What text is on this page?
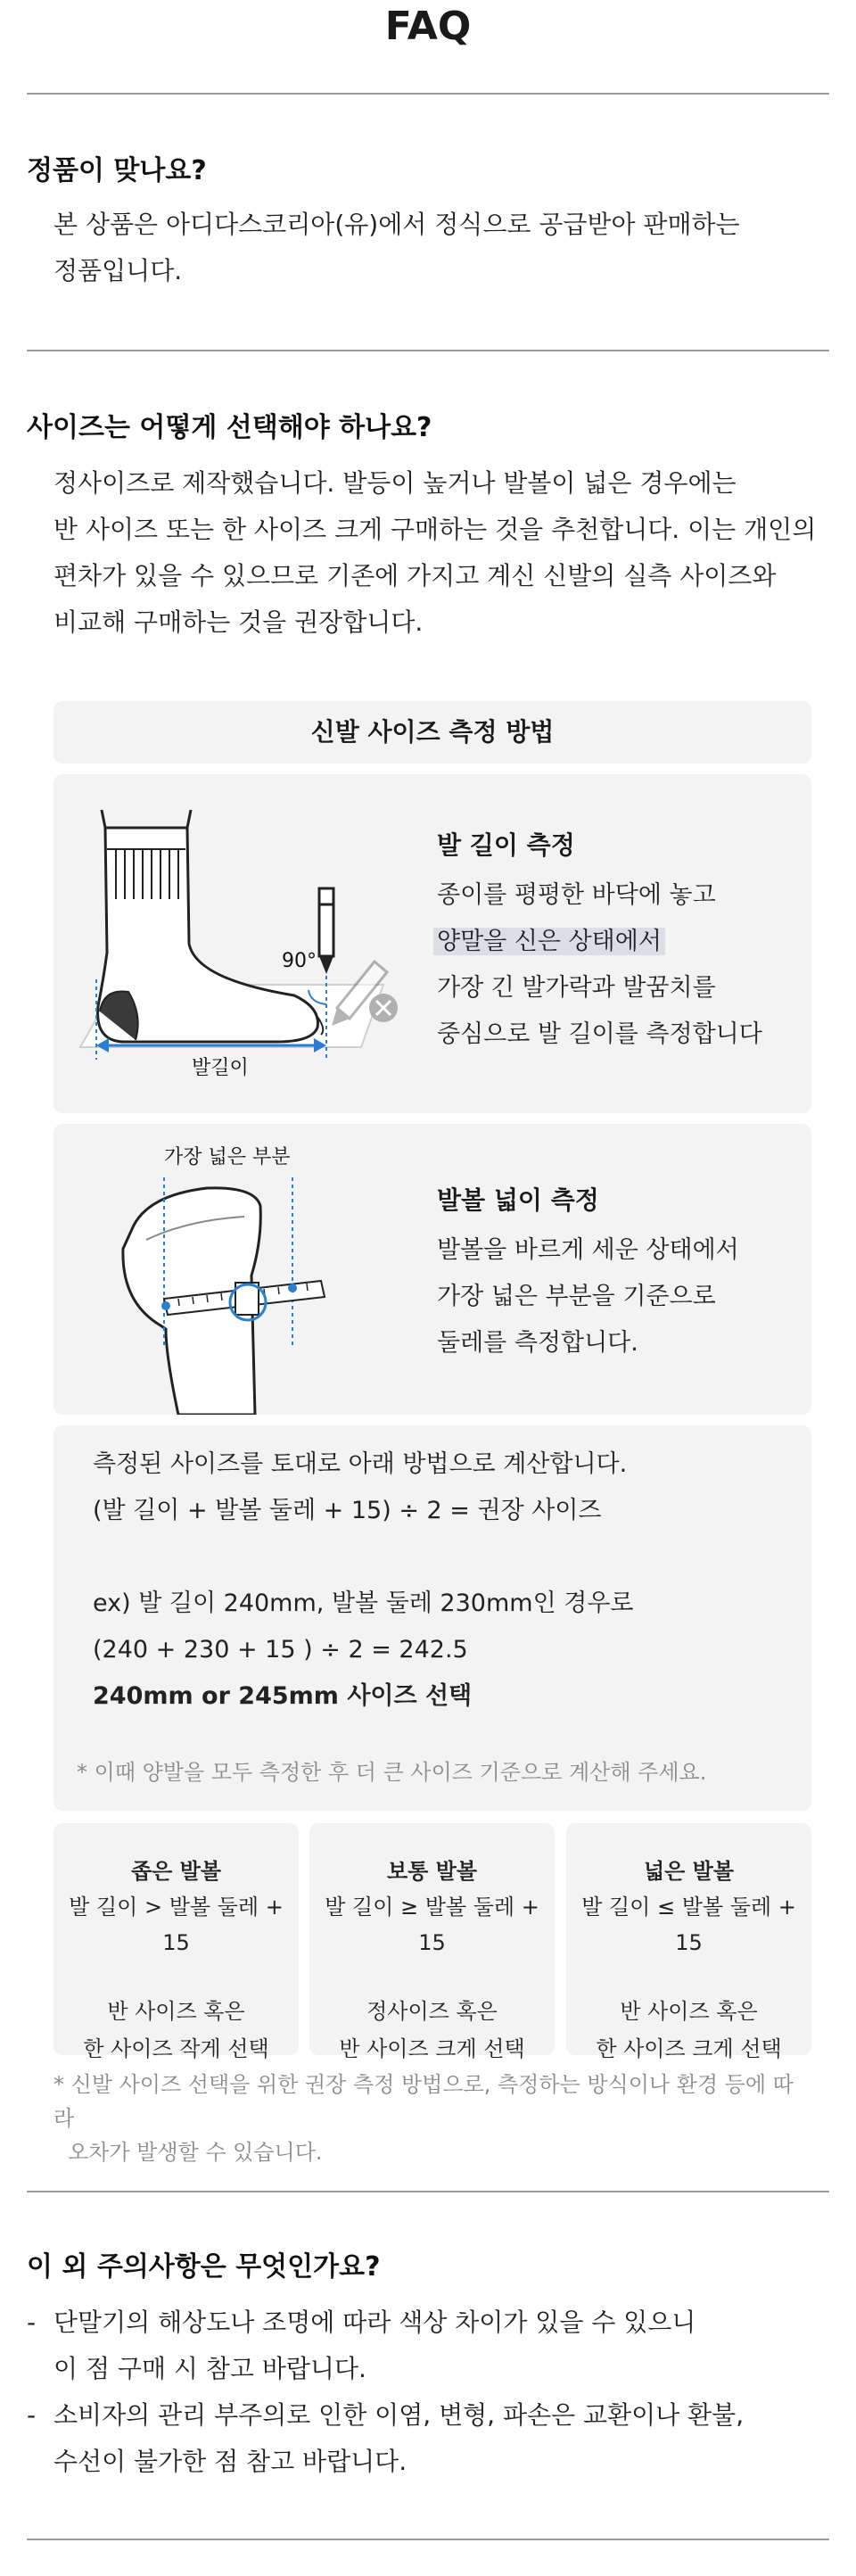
FAQ
정품이 맞나요?

본 상품은 아디다스코리아(유)에서 정식으로 공급받아 판매하는

정품입니다.

사이즈는 어떻게 선택해야 하나요?

정사이즈로 제작했습니다. 발등이 높거나 발볼이 넓은 경우에는

반 사이즈 또는 한 사이즈 크게 구매하는 것을 추천합니다. 이는 개인의

편차가 있을 수 있으므로 기존에 가지고 계신 신발의 실측 사이즈와

비교해 구매하는 것을 권장합니다.

신발 사이즈 측정 방법
90°
발길이
발 길이 측정
종이를 평평한 바닥에 놓고
양말을 신은 상태에서
가장 긴 발가락과 발꿈치를
중심으로 발 길이를 측정합니다
가장 넓은 부분
발볼 넓이 측정
발볼을 바르게 세운 상태에서
가장 넓은 부분을 기준으로
둘레를 측정합니다.
측정된 사이즈를 토대로 아래 방법으로 계산합니다.
(발 길이 + 발볼 둘레 + 15) ÷ 2 = 권장 사이즈
ex) 발 길이 240mm, 발볼 둘레 230mm인 경우로
(240 + 230 + 15 ) ÷ 2 = 242.5
240mm or 245mm 사이즈 선택
* 이때 양발을 모두 측정한 후 더 큰 사이즈 기준으로 계산해 주세요.
좁은 발볼
발 길이 > 발볼 둘레 + 15
반 사이즈 혹은
한 사이즈 작게 선택
보통 발볼
발 길이 ≥ 발볼 둘레 + 15
정사이즈 혹은
반 사이즈 크게 선택
넓은 발볼
발 길이 ≤ 발볼 둘레 + 15
반 사이즈 혹은
한 사이즈 크게 선택
* 신발 사이즈 선택을 위한 권장 측정 방법으로, 측정하는 방식이나 환경 등에 따라
오차가 발생할 수 있습니다.
이 외 주의사항은 무엇인가요?
- 단말기의 해상도나 조명에 따라 색상 차이가 있을 수 있으니
이 점 구매 시 참고 바랍니다.
- 소비자의 관리 부주의로 인한 이염, 변형, 파손은 교환이나 환불,
수선이 불가한 점 참고 바랍니다.
